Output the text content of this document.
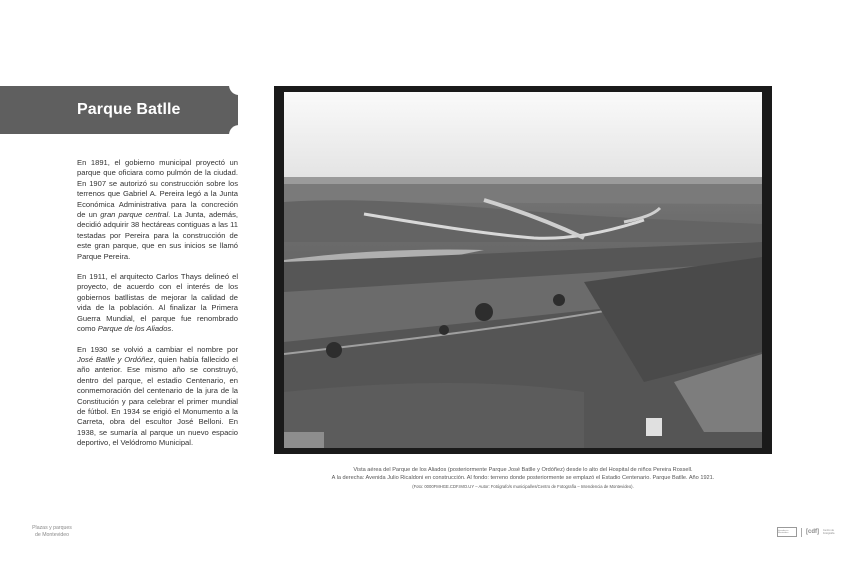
Parque Batlle

En 1891, el gobierno municipal proyectó un parque que oficiara como pulmón de la ciudad. En 1907 se autorizó su construcción sobre los terrenos que Gabriel A. Pereira legó a la Junta Económica Administrativa para la concreción de un gran parque central. La Junta, además, decidió adquirir 38 hectáreas contiguas a las 11 testadas por Pereira para la construcción de este gran parque, que en sus inicios se llamó Parque Pereira.

En 1911, el arquitecto Carlos Thays delineó el proyecto, de acuerdo con el interés de los gobiernos batllistas de mejorar la calidad de vida de la población. Al finalizar la Primera Guerra Mundial, el parque fue renombrado como Parque de los Aliados.

En 1930 se volvió a cambiar el nombre por José Batlle y Ordóñez, quien había fallecido el año anterior. Ese mismo año se construyó, dentro del parque, el estadio Centenario, en conmemoración del centenario de la jura de la Constitución y para celebrar el primer mundial de fútbol. En 1934 se erigió el Monumento a la Carreta, obra del escultor José Belloni. En 1938, se sumaría al parque un nuevo espacio deportivo, el Velódromo Municipal.

Vista aérea del Parque de los Aliados (posteriormente Parque José Batlle y Ordóñez) desde lo alto del Hospital de niños Pereira Rossell.
A la derecha: Avenida Julio Ricaldoni en construcción. Al fondo: terreno donde posteriormente se emplazó el Estadio Centenario. Parque Batlle. Año 1921.
(Foto: 0000FMHGE.CDF.IMO.UY – Autor: Fotógrafo/s municipal/es/Centro de Fotografía – Intendencia de Montevideo).
Plazas y parques
de Montevideo
Intendencia Montevideo	[cdf] Centro de Fotografía
